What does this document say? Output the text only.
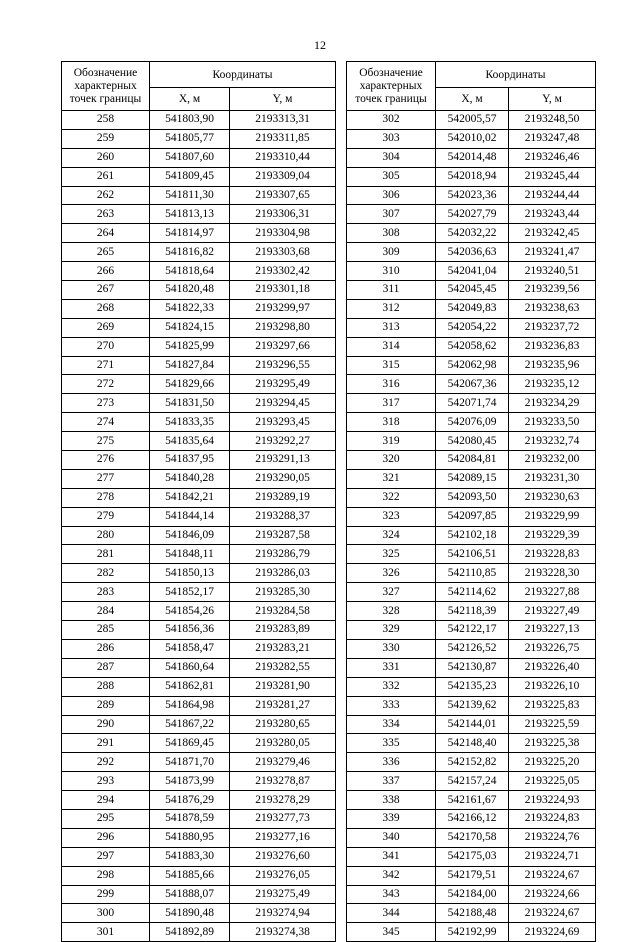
12
Обозначение характерных точек границы	Координаты	
	X, м	Y, м
258	541803,90	2193313,31
259	541805,77	2193311,85
260	541807,60	2193310,44
261	541809,45	2193309,04
262	541811,30	2193307,65
263	541813,13	2193306,31
264	541814,97	2193304,98
265	541816,82	2193303,68
266	541818,64	2193302,42
267	541820,48	2193301,18
268	541822,33	2193299,97
269	541824,15	2193298,80
270	541825,99	2193297,66
271	541827,84	2193296,55
272	541829,66	2193295,49
273	541831,50	2193294,45
274	541833,35	2193293,45
275	541835,64	2193292,27
276	541837,95	2193291,13
277	541840,28	2193290,05
278	541842,21	2193289,19
279	541844,14	2193288,37
280	541846,09	2193287,58
281	541848,11	2193286,79
282	541850,13	2193286,03
283	541852,17	2193285,30
284	541854,26	2193284,58
285	541856,36	2193283,89
286	541858,47	2193283,21
287	541860,64	2193282,55
288	541862,81	2193281,90
289	541864,98	2193281,27
290	541867,22	2193280,65
291	541869,45	2193280,05
292	541871,70	2193279,46
293	541873,99	2193278,87
294	541876,29	2193278,29
295	541878,59	2193277,73
296	541880,95	2193277,16
297	541883,30	2193276,60
298	541885,66	2193276,05
299	541888,07	2193275,49
300	541890,48	2193274,94
301	541892,89	2193274,38
Обозначение характерных точек границы	Координаты	
	X, м	Y, м
302	542005,57	2193248,50
303	542010,02	2193247,48
304	542014,48	2193246,46
305	542018,94	2193245,44
306	542023,36	2193244,44
307	542027,79	2193243,44
308	542032,22	2193242,45
309	542036,63	2193241,47
310	542041,04	2193240,51
311	542045,45	2193239,56
312	542049,83	2193238,63
313	542054,22	2193237,72
314	542058,62	2193236,83
315	542062,98	2193235,96
316	542067,36	2193235,12
317	542071,74	2193234,29
318	542076,09	2193233,50
319	542080,45	2193232,74
320	542084,81	2193232,00
321	542089,15	2193231,30
322	542093,50	2193230,63
323	542097,85	2193229,99
324	542102,18	2193229,39
325	542106,51	2193228,83
326	542110,85	2193228,30
327	542114,62	2193227,88
328	542118,39	2193227,49
329	542122,17	2193227,13
330	542126,52	2193226,75
331	542130,87	2193226,40
332	542135,23	2193226,10
333	542139,62	2193225,83
334	542144,01	2193225,59
335	542148,40	2193225,38
336	542152,82	2193225,20
337	542157,24	2193225,05
338	542161,67	2193224,93
339	542166,12	2193224,83
340	542170,58	2193224,76
341	542175,03	2193224,71
342	542179,51	2193224,67
343	542184,00	2193224,66
344	542188,48	2193224,67
345	542192,99	2193224,69
